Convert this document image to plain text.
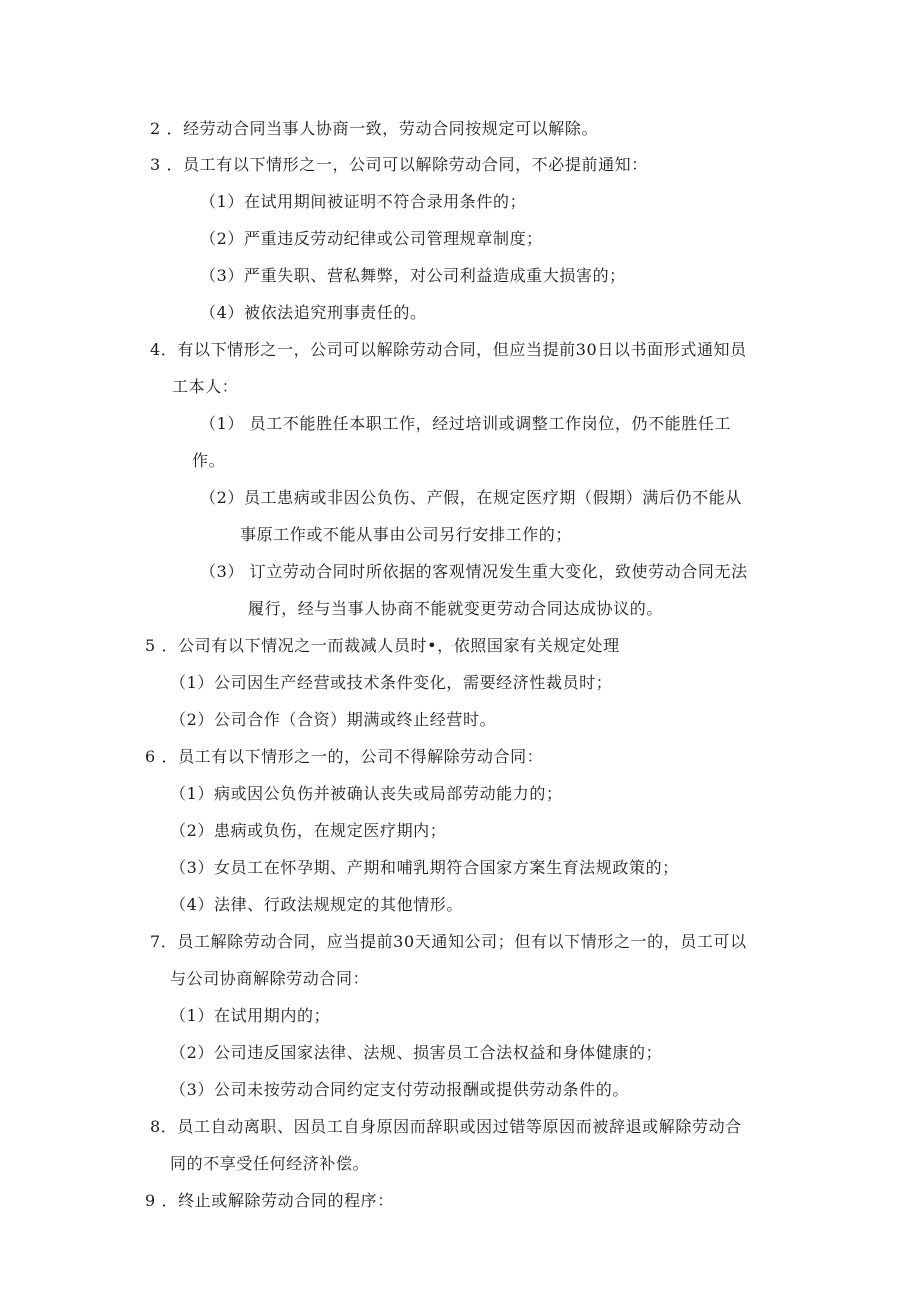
2 ．经劳动合同当事人协商一致，劳动合同按规定可以解除。
3 ．员工有以下情形之一，公司可以解除劳动合同，不必提前通知：
（1）在试用期间被证明不符合录用条件的；
（2）严重违反劳动纪律或公司管理规章制度；
（3）严重失职、营私舞弊，对公司利益造成重大损害的；
（4）被依法追究刑事责任的。
4．有以下情形之一，公司可以解除劳动合同，但应当提前30日以书面形式通知员
工本人：
（1） 员工不能胜任本职工作，经过培训或调整工作岗位，仍不能胜任工
作。
（2）员工患病或非因公负伤、产假，在规定医疗期（假期）满后仍不能从
事原工作或不能从事由公司另行安排工作的；
（3） 订立劳动合同时所依据的客观情况发生重大变化，致使劳动合同无法
履行，经与当事人协商不能就变更劳动合同达成协议的。
5 ．公司有以下情况之一而裁减人员时•，依照国家有关规定处理
（1）公司因生产经营或技术条件变化，需要经济性裁员时；
（2）公司合作（合资）期满或终止经营时。
6 ．员工有以下情形之一的，公司不得解除劳动合同：
（1）病或因公负伤并被确认丧失或局部劳动能力的；
（2）患病或负伤，在规定医疗期内；
（3）女员工在怀孕期、产期和哺乳期符合国家方案生育法规政策的；
（4）法律、行政法规规定的其他情形。
7．员工解除劳动合同，应当提前30天通知公司；但有以下情形之一的，员工可以
与公司协商解除劳动合同：
（1）在试用期内的；
（2）公司违反国家法律、法规、损害员工合法权益和身体健康的；
（3）公司未按劳动合同约定支付劳动报酬或提供劳动条件的。
8．员工自动离职、因员工自身原因而辞职或因过错等原因而被辞退或解除劳动合
同的不享受任何经济补偿。
9 ．终止或解除劳动合同的程序：
